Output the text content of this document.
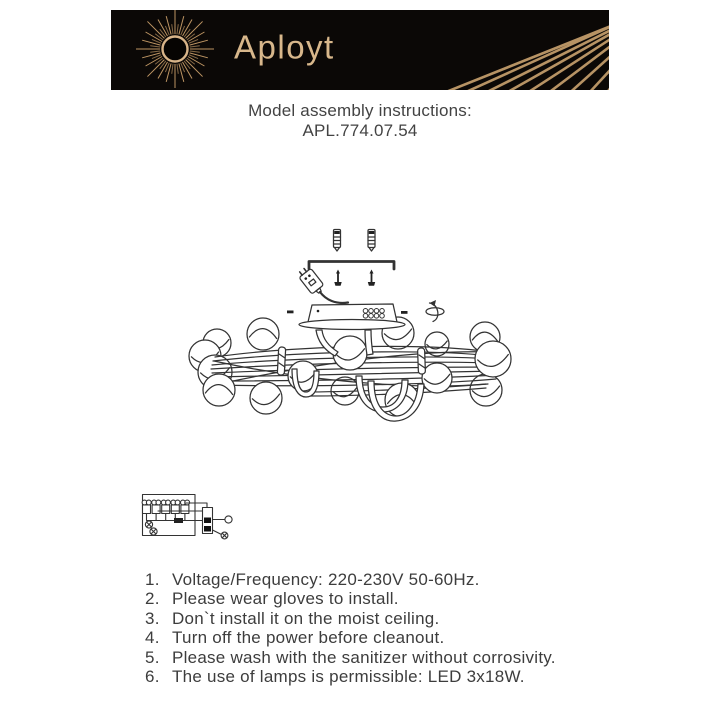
Aployt
Model assembly instructions:
APL.774.07.54
Voltage/Frequency: 220-230V 50-60Hz.
Please wear gloves to install.
Don`t install it on the moist ceiling.
Turn off the power before cleanout.
Please wash with the sanitizer without corrosivity.
The use of lamps is permissible: LED 3x18W.
